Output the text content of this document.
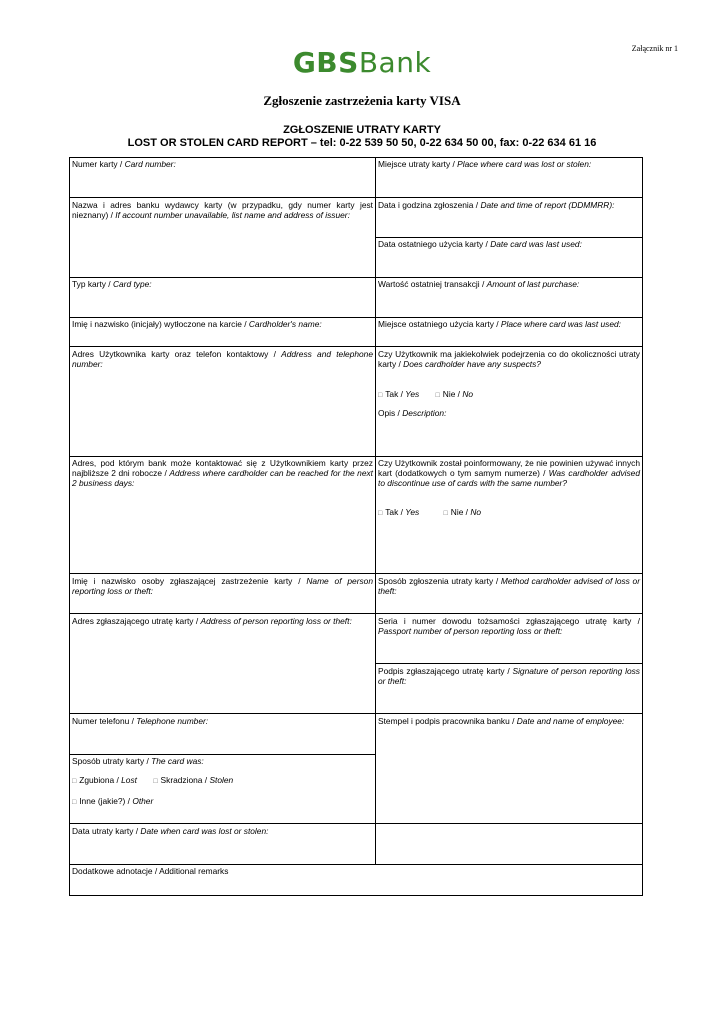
Załącznik nr 1
GBSBank
Zgłoszenie zastrzeżenia karty VISA
ZGŁOSZENIE UTRATY KARTY
LOST OR STOLEN CARD REPORT – tel: 0-22 539 50 50, 0-22 634 50 00, fax: 0-22 634 61 16
Numer karty / Card number:
Nazwa i adres banku wydawcy karty (w przypadku, gdy numer karty jest nieznany) / If account number unavailable, list name and address of issuer:
Typ karty / Card type:
Imię i nazwisko (inicjały) wytłoczone na karcie / Cardholder's name:
Adres Użytkownika karty oraz telefon kontaktowy / Address and telephone number:
Adres, pod którym bank może kontaktować się z Użytkownikiem karty przez najbliższe 2 dni robocze / Address where cardholder can be reached for the next 2 business days:
Imię i nazwisko osoby zgłaszającej zastrzeżenie karty / Name of person reporting loss or theft:
Adres zgłaszającego utratę karty / Address of person reporting loss or theft:
Numer telefonu / Telephone number:
Sposób utraty karty / The card was:
□ Zgubiona / Lost □ Skradziona / Stolen
□ Inne (jakie?) / Other
Data utraty karty / Date when card was lost or stolen:
Miejsce utraty karty / Place where card was lost or stolen:
Data i godzina zgłoszenia / Date and time of report (DDMMRR):
Data ostatniego użycia karty / Date card was last used:
Wartość ostatniej transakcji / Amount of last purchase:
Miejsce ostatniego użycia karty / Place where card was last used:
Czy Użytkownik ma jakiekolwiek podejrzenia co do okoliczności utraty karty / Does cardholder have any suspects?
□ Tak / Yes □ Nie / No
Opis / Description:
Czy Użytkownik został poinformowany, że nie powinien używać innych kart (dodatkowych o tym samym numerze) / Was cardholder advised to discontinue use of cards with the same number?
□ Tak / Yes	□ Nie / No
Sposób zgłoszenia utraty karty / Method cardholder advised of loss or theft:
Seria i numer dowodu tożsamości zgłaszającego utratę karty / Passport number of person reporting loss or theft:
Podpis zgłaszającego utratę karty / Signature of person reporting loss or theft:
Stempel i podpis pracownika banku / Date and name of employee:
Dodatkowe adnotacje / Additional remarks
